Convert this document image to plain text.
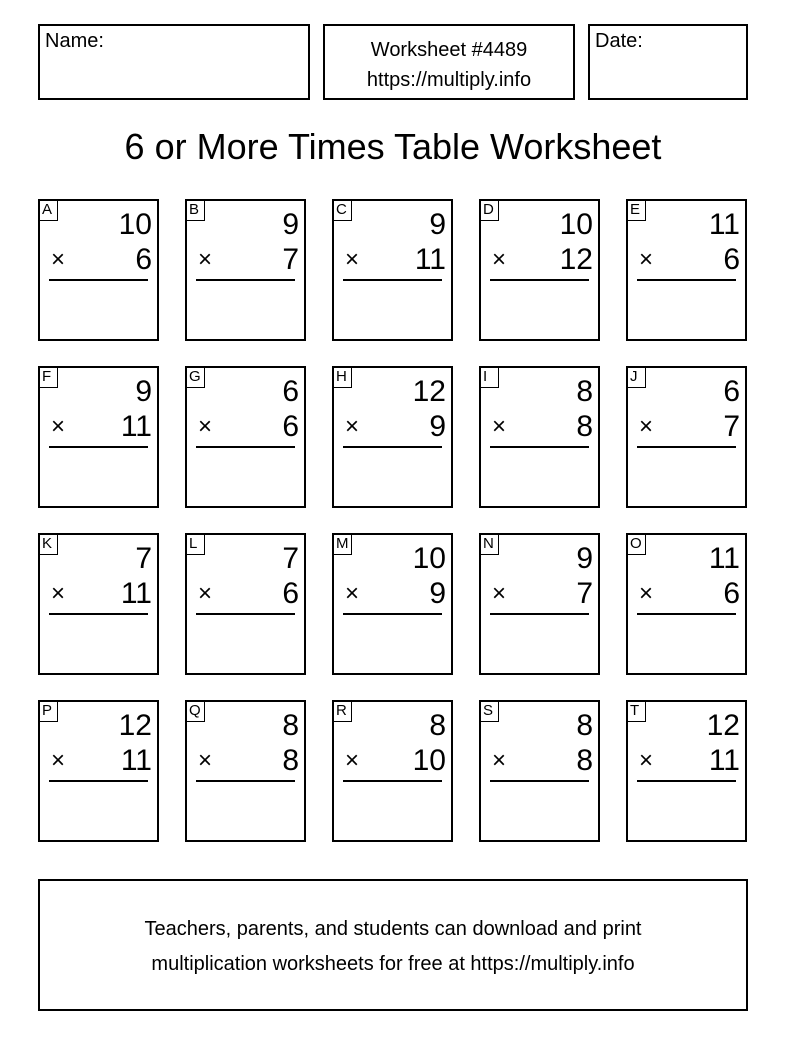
Name:	Worksheet #4489
https://multiply.info
Date:
6 or More Times Table Worksheet
A 10
× 6
B	9
× 7
C	9
× 11
D 10
× 12
E 11
× 6
F	9
× 11
G	6
× 6
H 12
× 9
I	8
× 8
J	6
× 7
K	7
× 11
L	7
× 6
M 10
× 9
N	9
× 7
O 11
× 6
P 12
× 11
Q	8
× 8
R	8
× 10
S	8
× 8
T 12
× 11
Teachers, parents, and students can download and print
multiplication worksheets for free at https://multiply.info
